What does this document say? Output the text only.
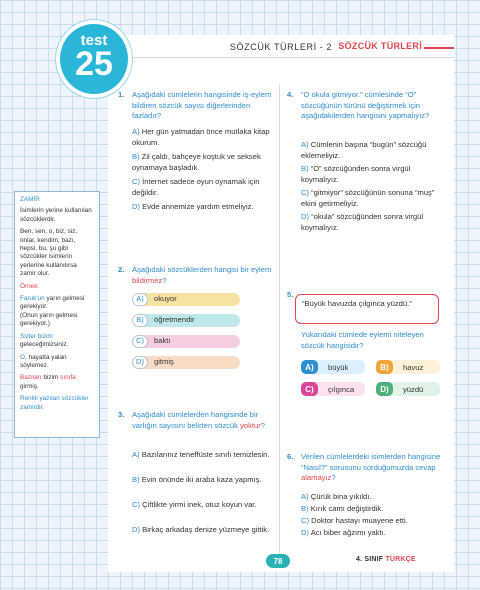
SÖZCÜK TÜRLERİ
SÖZCÜK TÜRLERİ - 2
test
25
ZAMİR
İsimlerin yerine kullanılan sözcüklerdir.
Ben, sen, o, biz, siz, onlar, kendim, bazı, hepsi, bu, şu gibi sözcükler isimlerin yerlerine kullanılırsa zamir olur.
Örnek:
Faruk'un yarın gelmesi gerekiyor.
(Onun yarın gelmesi gerekiyor.)
Sizler bizim geleceğimizsiniz.
O, hayatta yalan söylemez.
Bazıları bizim sınıfa girmiş.
Renkli yazılan sözcükler zamirdir.
1. Aşağıdaki cümlelerin hangisinde iş-eylem bildiren sözcük sayısı diğerlerinden fazladır?
A) Her gün yatmadan önce mutlaka kitap okurum.
B) Zil çaldı, bahçeye koştuk ve seksek oynamaya başladık.
C) İnternet sadece oyun oynamak için değildir.
D) Evde annemize yardım etmeliyiz.
2. Aşağıdaki sözcüklerden hangisi bir eylem bildirmez?
A)	okuyor
B)	öğretmendir
C)	baktı
D)	gitmiş
3. Aşağıdaki cümlelerden hangisinde bir varlığın sayısını belirten sözcük yoktur?
A) Bazılarınız teneffüste sınıfı temizlesin.
B) Evin önünde iki araba kaza yapmış.
C) Çiftlikte yirmi inek, otuz koyun var.
D) Birkaç arkadaş denize yüzmeye gittik.
4. “O okula gitmiyor.” cümlesinde “O” sözcüğünün türünü değiştirmek için aşağıdakilerden hangisini yapmalıyız?
A) Cümlenin başına “bugün” sözcüğü eklemeliyiz.
B) “O” sözcüğünden sonra virgül koymalıyız.
C) “gitmiyor” sözcüğünün sonuna “muş” ekini getirmeliyiz.
D) “okula” sözcüğünden sonra virgül koymalıyız.
5.
“Büyük havuzda çılgınca yüzdü.”
Yukarıdaki cümlede eylemi niteleyen sözcük hangisidir?
A)	büyük	B)	havuz
C)	çılgınca	D)	yüzdü
6. Verilen cümlelerdeki isimlerden hangisine “Nasıl?” sorusunu sorduğumuzda cevap alamayız?
A) Çürük bina yıkıldı.
B) Kırık camı değiştirdik.
C) Doktor hastayı muayene etti.
D) Acı biber ağzımı yaktı.
78	4. SINIF TÜRKÇE
